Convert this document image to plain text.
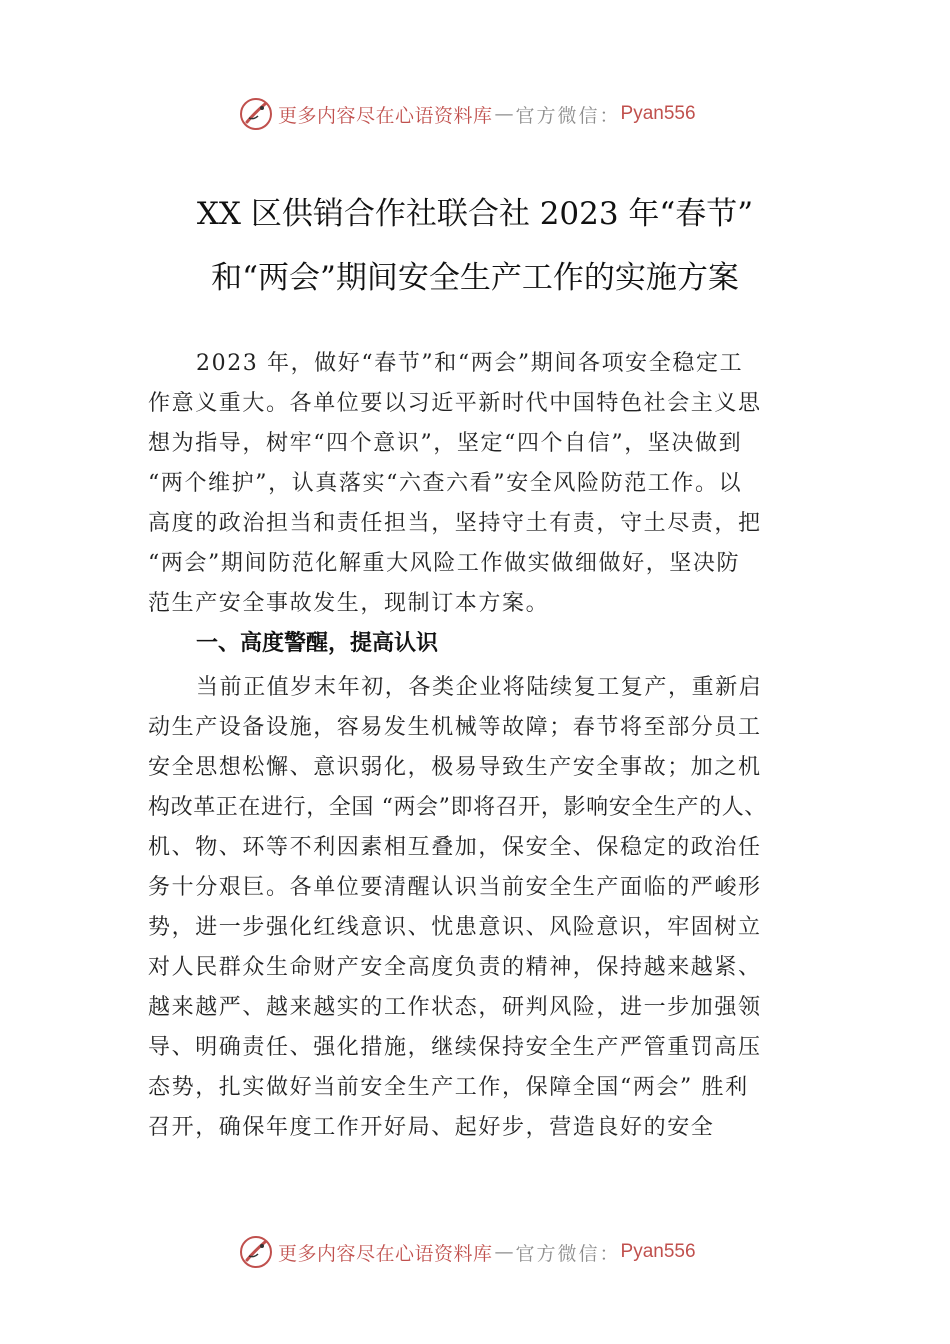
更多内容尽在心语资料库 — 官方微信： Pyan556
XX 区供销合作社联合社 2023 年“春节”
和“两会”期间安全生产工作的实施方案
2023 年，做好“春节”和“两会”期间各项安全稳定工
作意义重大。各单位要以习近平新时代中国特色社会主义思
想为指导，树牢“四个意识”，坚定“四个自信”，坚决做到
“两个维护”，认真落实“六查六看”安全风险防范工作。以
高度的政治担当和责任担当，坚持守土有责，守土尽责，把
“两会”期间防范化解重大风险工作做实做细做好，坚决防
范生产安全事故发生，现制订本方案。
一、高度警醒，提高认识
当前正值岁末年初，各类企业将陆续复工复产，重新启
动生产设备设施，容易发生机械等故障；春节将至部分员工
安全思想松懈、意识弱化，极易导致生产安全事故；加之机
构改革正在进行，全国 “两会”即将召开，影响安全生产的人、
机、物、环等不利因素相互叠加，保安全、保稳定的政治任
务十分艰巨。各单位要清醒认识当前安全生产面临的严峻形
势，进一步强化红线意识、忧患意识、风险意识，牢固树立
对人民群众生命财产安全高度负责的精神，保持越来越紧、
越来越严、越来越实的工作状态，研判风险，进一步加强领
导、明确责任、强化措施，继续保持安全生产严管重罚高压
态势，扎实做好当前安全生产工作，保障全国“两会” 胜利
召开，确保年度工作开好局、起好步，营造良好的安全
更多内容尽在心语资料库 — 官方微信： Pyan556
